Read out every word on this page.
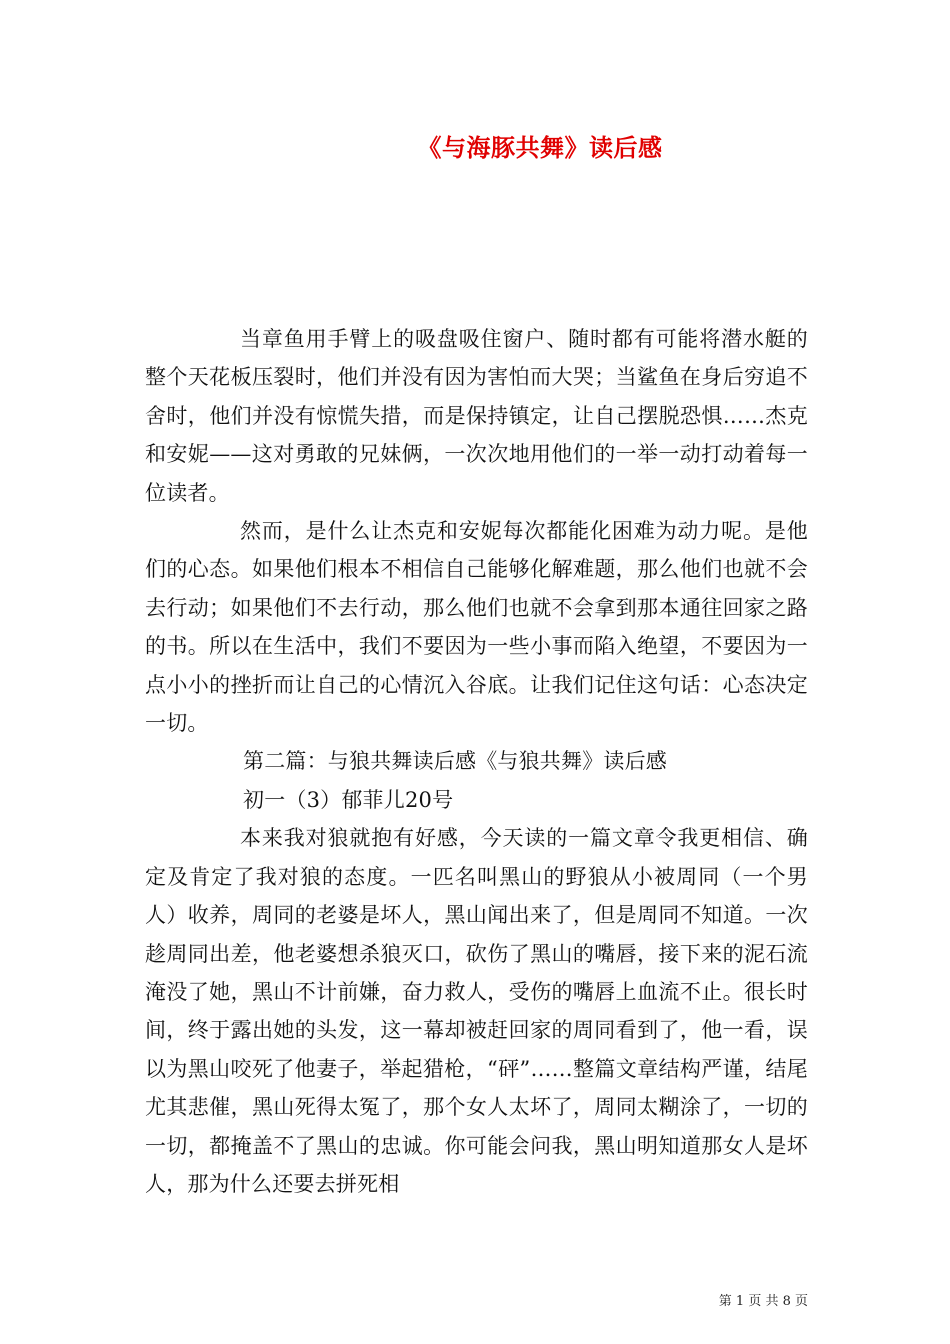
《与海豚共舞》读后感

当章鱼用手臂上的吸盘吸住窗户、随时都有可能将潜水艇的整个天花板压裂时，他们并没有因为害怕而大哭；当鲨鱼在身后穷追不舍时，他们并没有惊慌失措，而是保持镇定，让自己摆脱恐惧……杰克和安妮——这对勇敢的兄妹俩，一次次地用他们的一举一动打动着每一位读者。

然而，是什么让杰克和安妮每次都能化困难为动力呢。是他们的心态。如果他们根本不相信自己能够化解难题，那么他们也就不会去行动；如果他们不去行动，那么他们也就不会拿到那本通往回家之路的书。所以在生活中，我们不要因为一些小事而陷入绝望，不要因为一点小小的挫折而让自己的心情沉入谷底。让我们记住这句话：心态决定一切。

第二篇：与狼共舞读后感《与狼共舞》读后感

初一（3）郁菲儿20号

本来我对狼就抱有好感，今天读的一篇文章令我更相信、确定及肯定了我对狼的态度。一匹名叫黑山的野狼从小被周同（一个男人）收养，周同的老婆是坏人，黑山闻出来了，但是周同不知道。一次趁周同出差，他老婆想杀狼灭口，砍伤了黑山的嘴唇，接下来的泥石流淹没了她，黑山不计前嫌，奋力救人，受伤的嘴唇上血流不止。很长时间，终于露出她的头发，这一幕却被赶回家的周同看到了，他一看，误以为黑山咬死了他妻子，举起猎枪，“砰”……整篇文章结构严谨，结尾尤其悲催，黑山死得太冤了，那个女人太坏了，周同太糊涂了，一切的一切，都掩盖不了黑山的忠诚。你可能会问我，黑山明知道那女人是坏人，那为什么还要去拼死相

第 1 页 共 8 页
